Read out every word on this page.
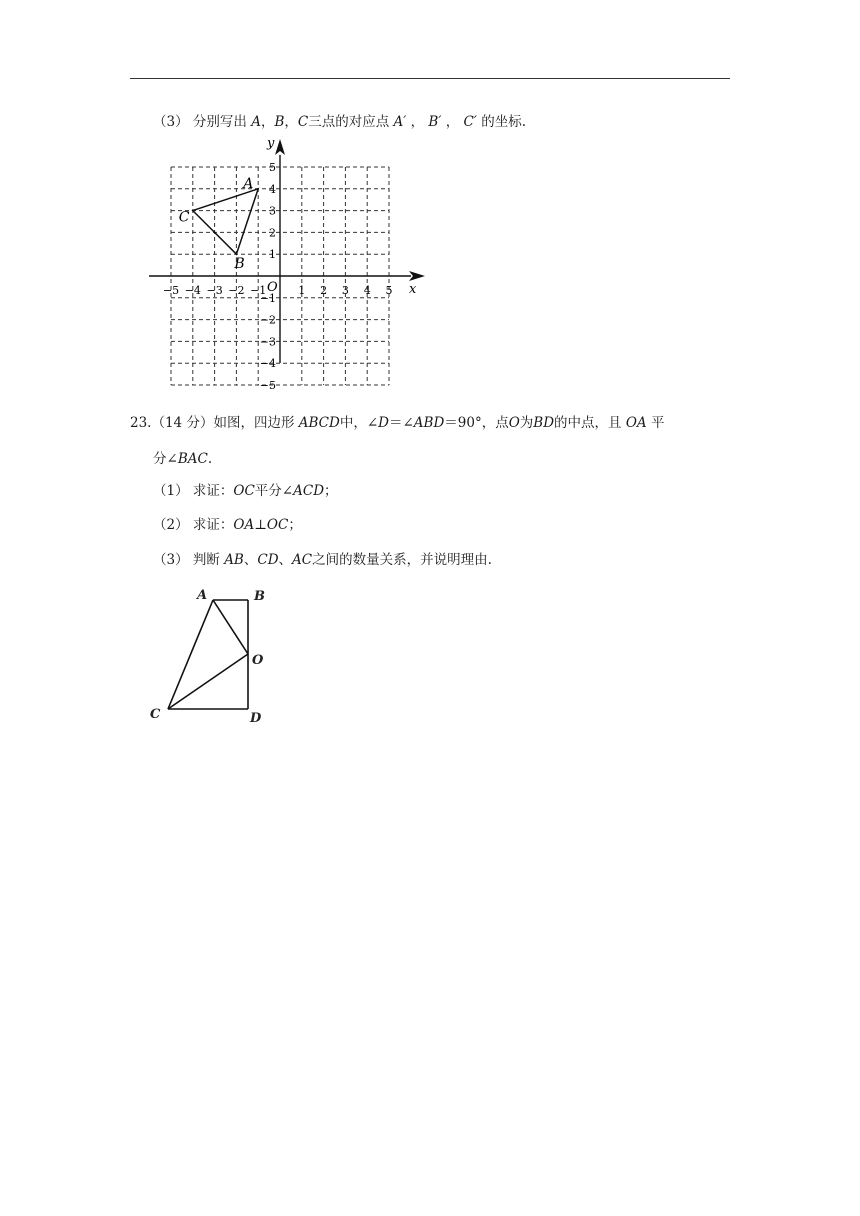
（3） 分别写出 A，B，C三点的对应点 A′ ， B′ ， C′ 的坐标.
x
y
O
−5 −4 −3 −2 −1	1 2 3 4 5
5
4
3
2
1
−1
−2
−3
−4
−5
A
B
C
23.（14 分）如图，四边形 ABCD中，∠D＝∠ABD＝90°，点O为BD的中点，且 OA 平
分∠BAC.
（1） 求证：OC平分∠ACD；
（2） 求证：OA⊥OC；
（3） 判断 AB、CD、AC之间的数量关系，并说明理由.
A	B
O
C	D
